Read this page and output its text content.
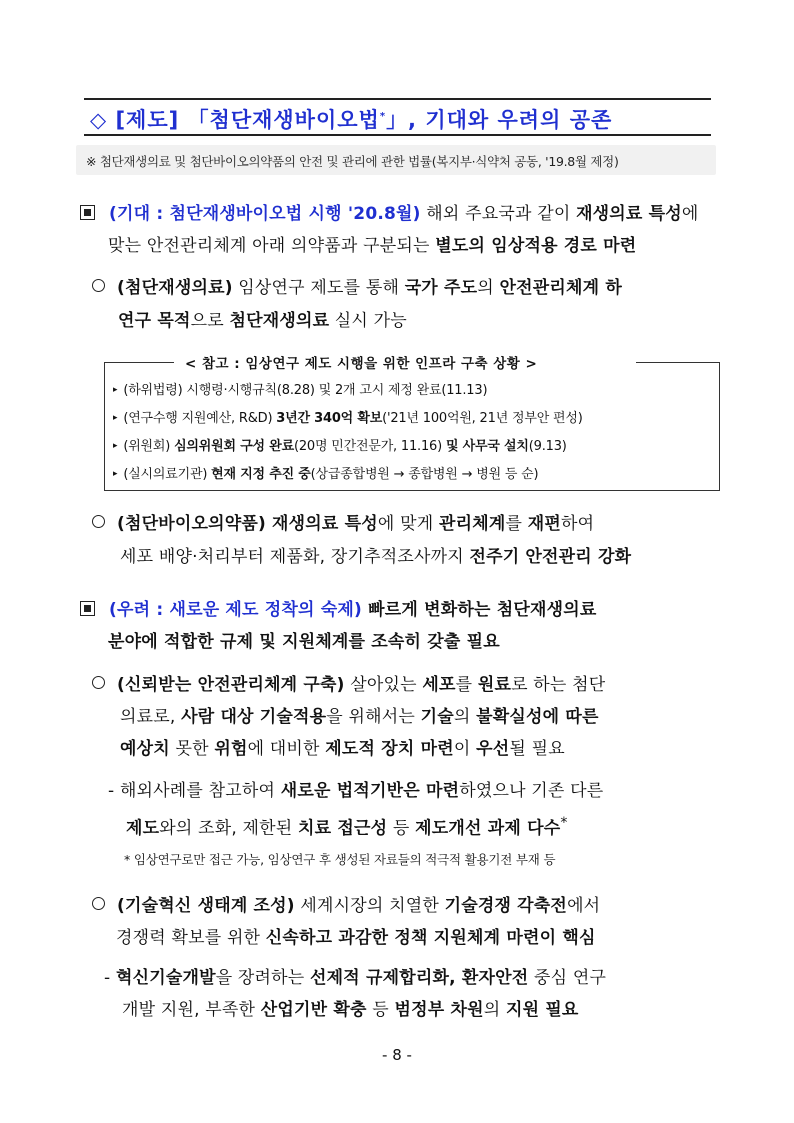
◇ [제도] 「첨단재생바이오법*」, 기대와 우려의 공존
※ 첨단재생의료 및 첨단바이오의약품의 안전 및 관리에 관한 법률(복지부·식약처 공동, '19.8월 제정)
(기대 : 첨단재생바이오법 시행 '20.8월) 해외 주요국과 같이 재생의료 특성에
맞는 안전관리체계 아래 의약품과 구분되는 별도의 임상적용 경로 마련
(첨단재생의료) 임상연구 제도를 통해 국가 주도의 안전관리체계 하
연구 목적으로 첨단재생의료 실시 가능
< 참고 : 임상연구 제도 시행을 위한 인프라 구축 상황 >
▸ (하위법령) 시행령·시행규칙(8.28) 및 2개 고시 제정 완료(11.13)
▸ (연구수행 지원예산, R&D) 3년간 340억 확보('21년 100억원, 21년 정부안 편성)
▸ (위원회) 심의위원회 구성 완료(20명 민간전문가, 11.16) 및 사무국 설치(9.13)
▸ (실시의료기관) 현재 지정 추진 중(상급종합병원 → 종합병원 → 병원 등 순)
(첨단바이오의약품) 재생의료 특성에 맞게 관리체계를 재편하여
세포 배양·처리부터 제품화, 장기추적조사까지 전주기 안전관리 강화
(우려 : 새로운 제도 정착의 숙제) 빠르게 변화하는 첨단재생의료
분야에 적합한 규제 및 지원체계를 조속히 갖출 필요
(신뢰받는 안전관리체계 구축) 살아있는 세포를 원료로 하는 첨단
의료로, 사람 대상 기술적용을 위해서는 기술의 불확실성에 따른
예상치 못한 위험에 대비한 제도적 장치 마련이 우선될 필요
- 해외사례를 참고하여 새로운 법적기반은 마련하였으나 기존 다른
제도와의 조화, 제한된 치료 접근성 등 제도개선 과제 다수*
* 임상연구로만 접근 가능, 임상연구 후 생성된 자료들의 적극적 활용기전 부재 등
(기술혁신 생태계 조성) 세계시장의 치열한 기술경쟁 각축전에서
경쟁력 확보를 위한 신속하고 과감한 정책 지원체계 마련이 핵심
- 혁신기술개발을 장려하는 선제적 규제합리화, 환자안전 중심 연구
개발 지원, 부족한 산업기반 확충 등 범정부 차원의 지원 필요
- 8 -
